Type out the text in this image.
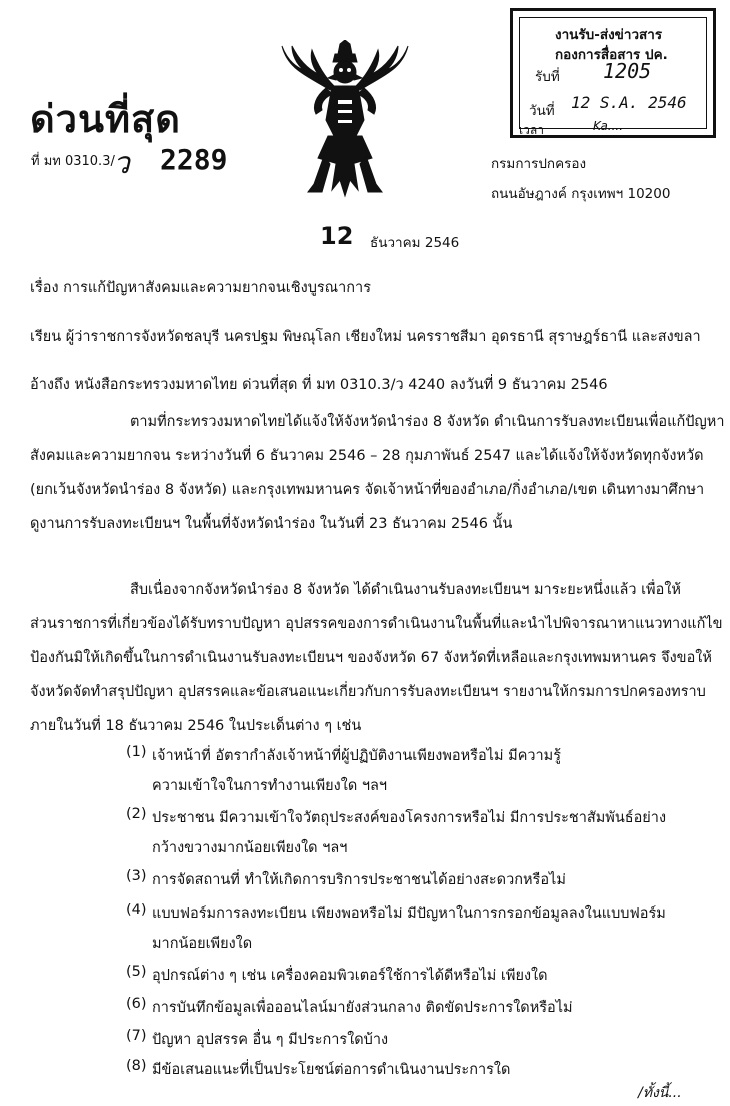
ด่วนที่สุด
ที่ มท 0310.3/
ว 2289
งานรับ-ส่งข่าวสาร
กองการสื่อสาร ปค.
รับที่ 1205
วันที่ 12 S.A. 2546
เวลา	Ka....
กรมการปกครอง
ถนนอัษฎางค์ กรุงเทพฯ 10200
12 ธันวาคม 2546
เรื่อง การแก้ปัญหาสังคมและความยากจนเชิงบูรณาการ
เรียน ผู้ว่าราชการจังหวัดชลบุรี นครปฐม พิษณุโลก เชียงใหม่ นครราชสีมา อุดรธานี สุราษฎร์ธานี และสงขลา
อ้างถึง หนังสือกระทรวงมหาดไทย ด่วนที่สุด ที่ มท 0310.3/ว 4240 ลงวันที่ 9 ธันวาคม 2546
ตามที่กระทรวงมหาดไทยได้แจ้งให้จังหวัดนำร่อง 8 จังหวัด ดำเนินการรับลงทะเบียนเพื่อแก้ปัญหา
สังคมและความยากจน ระหว่างวันที่ 6 ธันวาคม 2546 – 28 กุมภาพันธ์ 2547 และได้แจ้งให้จังหวัดทุกจังหวัด
(ยกเว้นจังหวัดนำร่อง 8 จังหวัด) และกรุงเทพมหานคร จัดเจ้าหน้าที่ของอำเภอ/กิ่งอำเภอ/เขต เดินทางมาศึกษา
ดูงานการรับลงทะเบียนฯ ในพื้นที่จังหวัดนำร่อง ในวันที่ 23 ธันวาคม 2546 นั้น
สืบเนื่องจากจังหวัดนำร่อง 8 จังหวัด ได้ดำเนินงานรับลงทะเบียนฯ มาระยะหนึ่งแล้ว เพื่อให้
ส่วนราชการที่เกี่ยวข้องได้รับทราบปัญหา อุปสรรคของการดำเนินงานในพื้นที่และนำไปพิจารณาหาแนวทางแก้ไข
ป้องกันมิให้เกิดขึ้นในการดำเนินงานรับลงทะเบียนฯ ของจังหวัด 67 จังหวัดที่เหลือและกรุงเทพมหานคร จึงขอให้
จังหวัดจัดทำสรุปปัญหา อุปสรรคและข้อเสนอแนะเกี่ยวกับการรับลงทะเบียนฯ รายงานให้กรมการปกครองทราบ
ภายในวันที่ 18 ธันวาคม 2546 ในประเด็นต่าง ๆ เช่น
(1) เจ้าหน้าที่ อัตรากำลังเจ้าหน้าที่ผู้ปฏิบัติงานเพียงพอหรือไม่ มีความรู้
ความเข้าใจในการทำงานเพียงใด ฯลฯ
(2) ประชาชน มีความเข้าใจวัตถุประสงค์ของโครงการหรือไม่ มีการประชาสัมพันธ์อย่าง
กว้างขวางมากน้อยเพียงใด ฯลฯ
(3) การจัดสถานที่ ทำให้เกิดการบริการประชาชนได้อย่างสะดวกหรือไม่
(4) แบบฟอร์มการลงทะเบียน เพียงพอหรือไม่ มีปัญหาในการกรอกข้อมูลลงในแบบฟอร์ม
มากน้อยเพียงใด
(5) อุปกรณ์ต่าง ๆ เช่น เครื่องคอมพิวเตอร์ใช้การได้ดีหรือไม่ เพียงใด
(6) การบันทึกข้อมูลเพื่อออนไลน์มายังส่วนกลาง ติดขัดประการใดหรือไม่
(7) ปัญหา อุปสรรค อื่น ๆ มีประการใดบ้าง
(8) มีข้อเสนอแนะที่เป็นประโยชน์ต่อการดำเนินงานประการใด
/ทั้งนี้...
